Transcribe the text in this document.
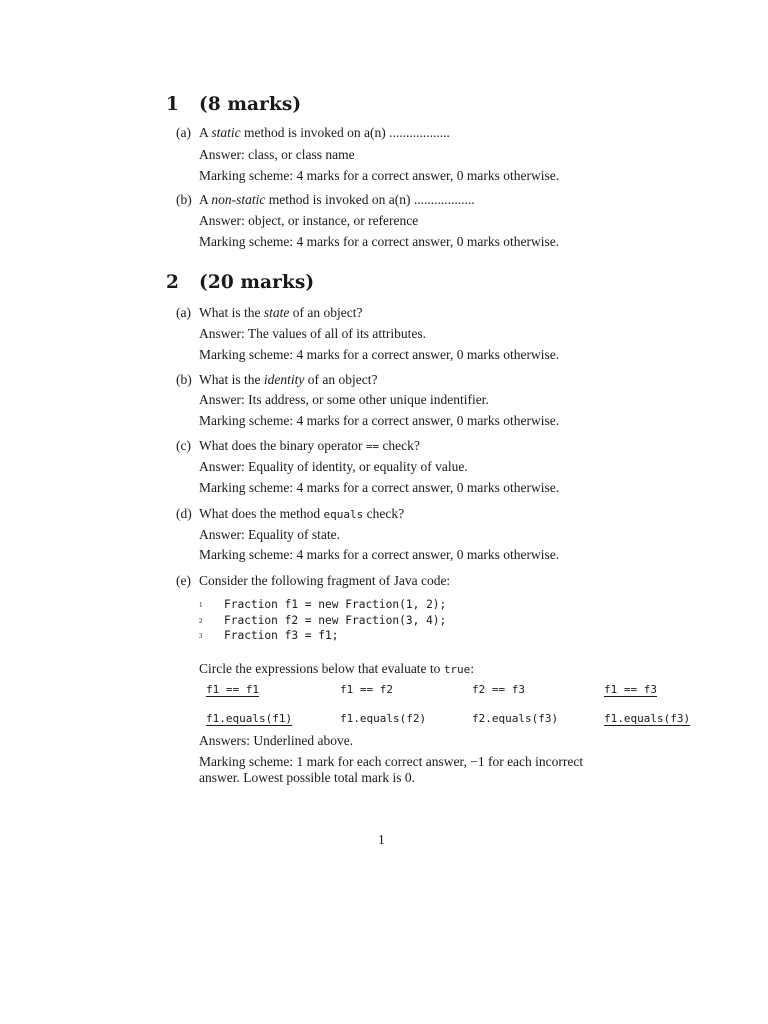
1 (8 marks)
(a) A static method is invoked on a(n) ..................
Answer: class, or class name
Marking scheme: 4 marks for a correct answer, 0 marks otherwise.
(b) A non-static method is invoked on a(n) ..................
Answer: object, or instance, or reference
Marking scheme: 4 marks for a correct answer, 0 marks otherwise.
2 (20 marks)
(a) What is the state of an object?
Answer: The values of all of its attributes.
Marking scheme: 4 marks for a correct answer, 0 marks otherwise.
(b) What is the identity of an object?
Answer: Its address, or some other unique indentifier.
Marking scheme: 4 marks for a correct answer, 0 marks otherwise.
(c) What does the binary operator == check?
Answer: Equality of identity, or equality of value.
Marking scheme: 4 marks for a correct answer, 0 marks otherwise.
(d) What does the method equals check?
Answer: Equality of state.
Marking scheme: 4 marks for a correct answer, 0 marks otherwise.
(e) Consider the following fragment of Java code:
1 Fraction f1 = new Fraction(1, 2);
2 Fraction f2 = new Fraction(3, 4);
3 Fraction f3 = f1;
Circle the expressions below that evaluate to true:
f1 == f1	f1 == f2	f2 == f3	f1 == f3
f1.equals(f1)	f1.equals(f2)	f2.equals(f3)	f1.equals(f3)
Answers: Underlined above.
Marking scheme: 1 mark for each correct answer, −1 for each incorrect
answer. Lowest possible total mark is 0.
1
